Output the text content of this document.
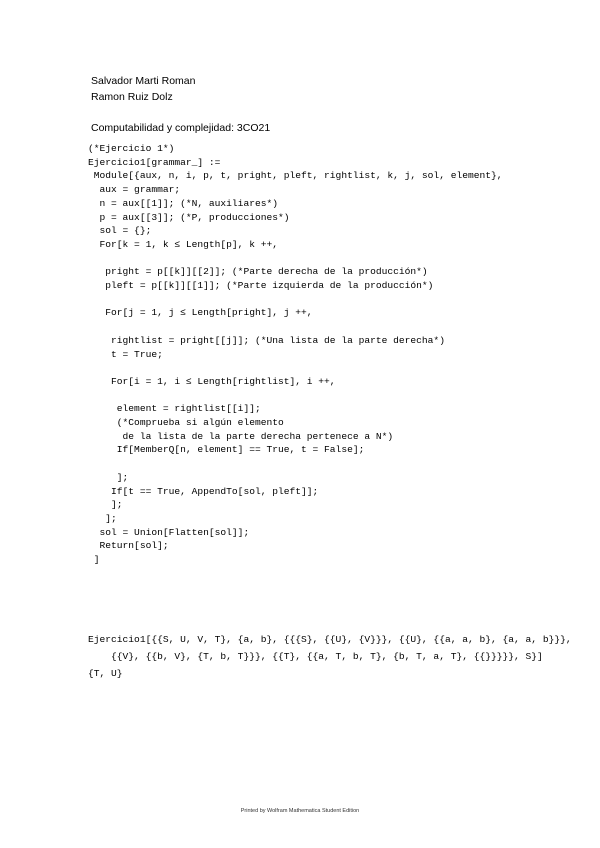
Salvador Marti Roman
Ramon Ruiz Dolz
Computabilidad y complejidad: 3CO21
(*Ejercicio 1*)
Ejercicio1[grammar_] :=
Module[{aux, n, i, p, t, pright, pleft, rightlist, k, j, sol, element},
aux = grammar;
n = aux[[1]]; (*N, auxiliares*)
p = aux[[3]]; (*P, producciones*)
sol = {};
For[k = 1, k ≤ Length[p], k ++,
pright = p[[k]][[2]]; (*Parte derecha de la producción*)
pleft = p[[k]][[1]]; (*Parte izquierda de la producción*)
For[j = 1, j ≤ Length[pright], j ++,
rightlist = pright[[j]]; (*Una lista de la parte derecha*)
t = True;
For[i = 1, i ≤ Length[rightlist], i ++,
element = rightlist[[i]];
(*Comprueba si algún elemento
de la lista de la parte derecha pertenece a N*)
If[MemberQ[n, element] == True, t = False];
];
If[t == True, AppendTo[sol, pleft]];
];
];
sol = Union[Flatten[sol]];
Return[sol];
]
Ejercicio1[{{S, U, V, T}, {a, b}, {{{S}, {{U}, {V}}}, {{U}, {{a, a, b}, {a, a, b}}},
{{V}, {{b, V}, {T, b, T}}}, {{T}, {{a, T, b, T}, {b, T, a, T}, {{}}}}}, S}]
{T, U}
Printed by Wolfram Mathematica Student Edition
